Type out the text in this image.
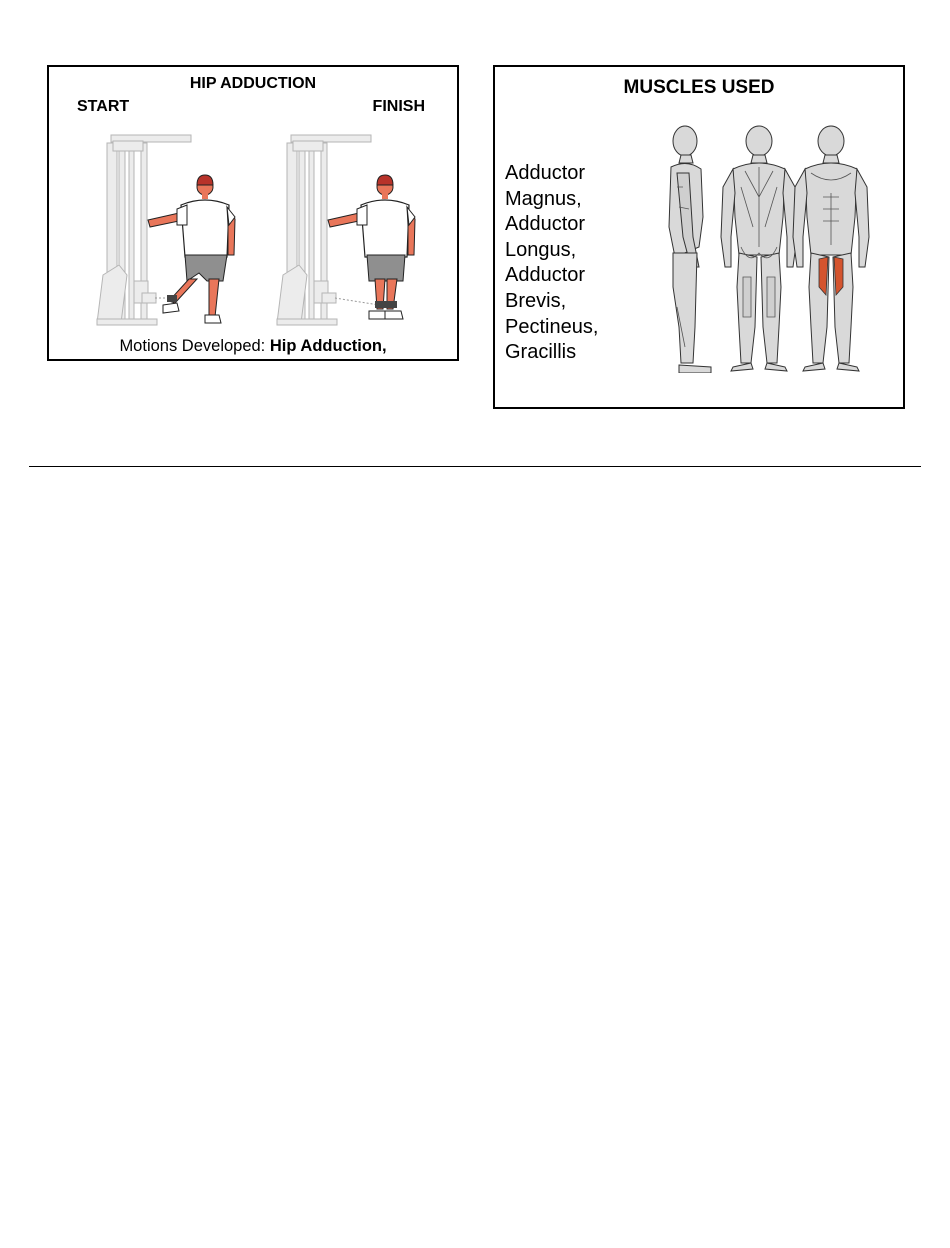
HIP ADDUCTION
START	FINISH
Motions Developed: Hip Adduction,
MUSCLES USED
Adductor
Magnus,
Adductor
Longus,
Adductor
Brevis,
Pectineus,
Gracillis
